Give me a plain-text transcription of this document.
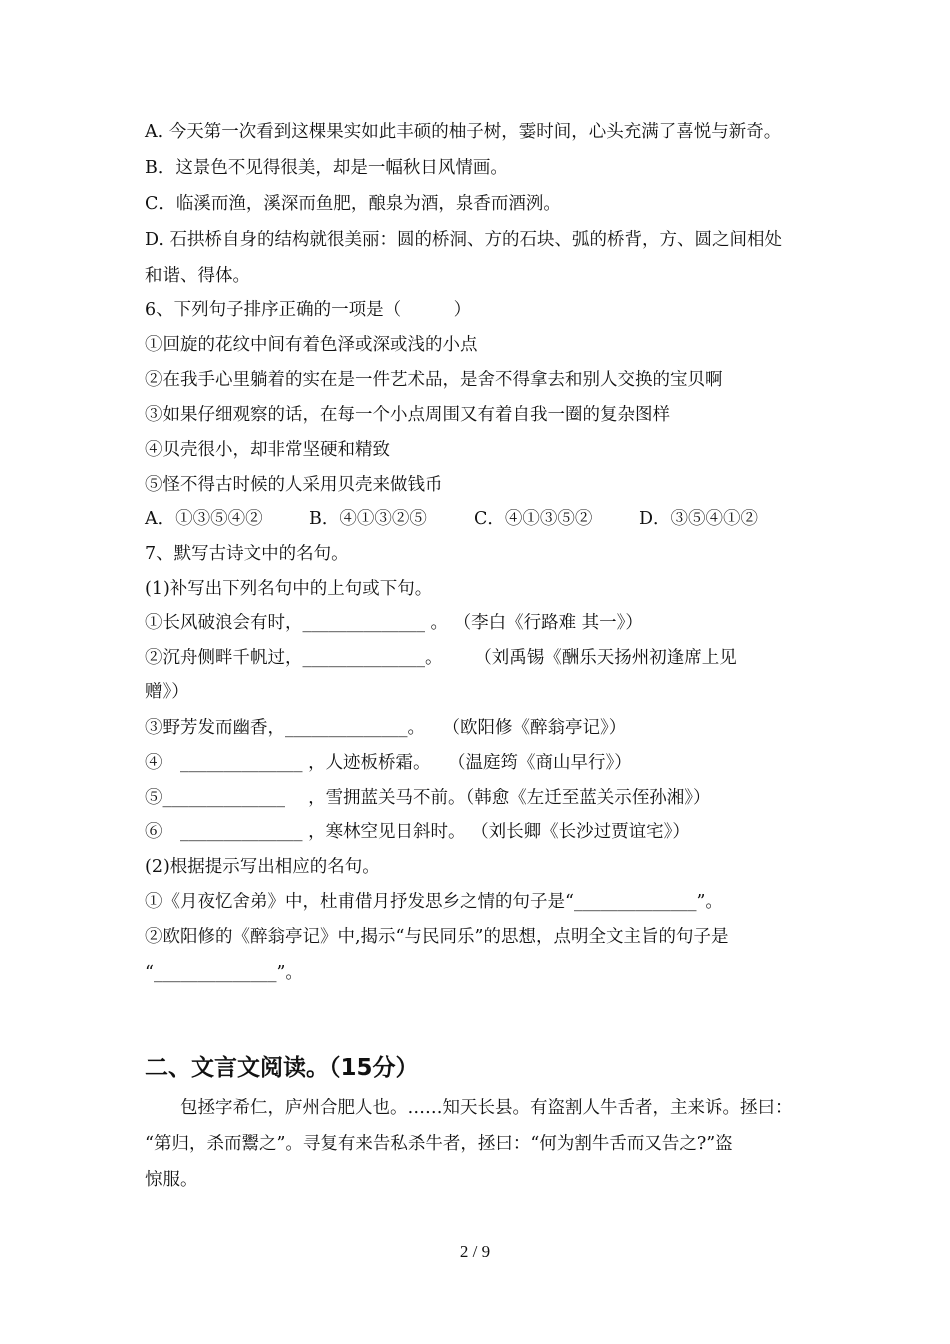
A. 今天第一次看到这棵果实如此丰硕的柚子树，霎时间，心头充满了喜悦与新奇。
B．这景色不见得很美，却是一幅秋日风情画。
C．临溪而渔，溪深而鱼肥，酿泉为酒，泉香而酒洌。
D. 石拱桥自身的结构就很美丽：圆的桥洞、方的石块、弧的桥背，方、圆之间相处
和谐、得体。
6、下列句子排序正确的一项是（　　　）
①回旋的花纹中间有着色泽或深或浅的小点
②在我手心里躺着的实在是一件艺术品，是舍不得拿去和别人交换的宝贝啊
③如果仔细观察的话，在每一个小点周围又有着自我一圈的复杂图样
④贝壳很小，却非常坚硬和精致
⑤怪不得古时候的人采用贝壳来做钱币
A．①③⑤④②	B．④①③②⑤	C．④①③⑤②	D．③⑤④①②
7、默写古诗文中的名句。
(1)补写出下列名句中的上句或下句。
①长风破浪会有时，______________ 。 （李白《行路难 其一》）
②沉舟侧畔千帆过，______________。　　 （刘禹锡《酬乐天扬州初逢席上见
赠》）
③野芳发而幽香，______________。　　（欧阳修《醉翁亭记》）
④　______________ ，人迹板桥霜。　　（温庭筠《商山早行》）
⑤______________　 ，雪拥蓝关马不前。（韩愈《左迁至蓝关示侄孙湘》）
⑥　______________ ，寒林空见日斜时。 （刘长卿《长沙过贾谊宅》）
(2)根据提示写出相应的名句。
①《月夜忆舍弟》中，杜甫借月抒发思乡之情的句子是“______________”。
②欧阳修的《醉翁亭记》中,揭示“与民同乐”的思想，点明全文主旨的句子是
“______________”。
二、文言文阅读。（15分）
包拯字希仁，庐州合肥人也。……知天长县。有盗割人牛舌者，主来诉。拯曰：
“第归，杀而鬻之”。寻复有来告私杀牛者，拯曰：“何为割牛舌而又告之?”盗
惊服。
2 / 9
